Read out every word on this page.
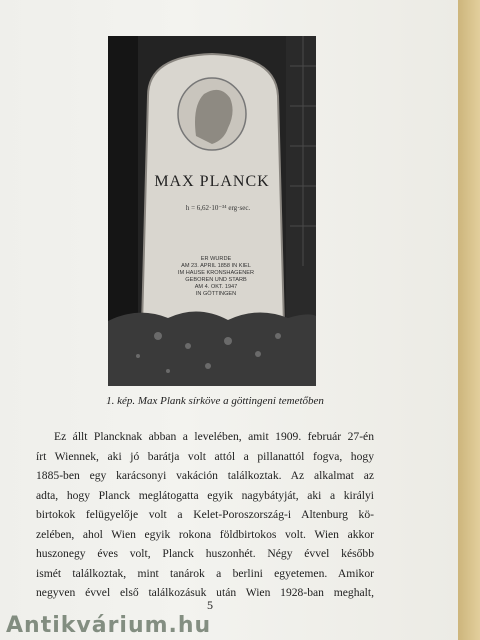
MAX PLANCK
h = 6,62·10⁻³⁴ erg·sec.
ER WURDE
AM 23. APRIL 1858 IN KIEL
IM HAUSE KRONSHAGENER
GEBOREN UND STARB
AM 4. OKT. 1947
IN GÖTTINGEN
1. kép. Max Plank sírköve a göttingeni temetőben
Ez állt Plancknak abban a levelében, amit 1909. február 27-én
írt Wiennek, aki jó barátja volt attól a pillanattól fogva, hogy
1885-ben egy karácsonyi vakáción találkoztak. Az alkalmat az
adta, hogy Planck meglátogatta egyik nagybátyját, aki a királyi
birtokok felügyelője volt a Kelet-Poroszország-i Altenburg kö-
zelében, ahol Wien egyik rokona földbirtokos volt. Wien akkor
huszonegy éves volt, Planck huszonhét. Négy évvel később
ismét találkoztak, mint tanárok a berlini egyetemen. Amikor
negyven évvel első találkozásuk után Wien 1928-ban meghalt,
5
Antikvárium.hu
